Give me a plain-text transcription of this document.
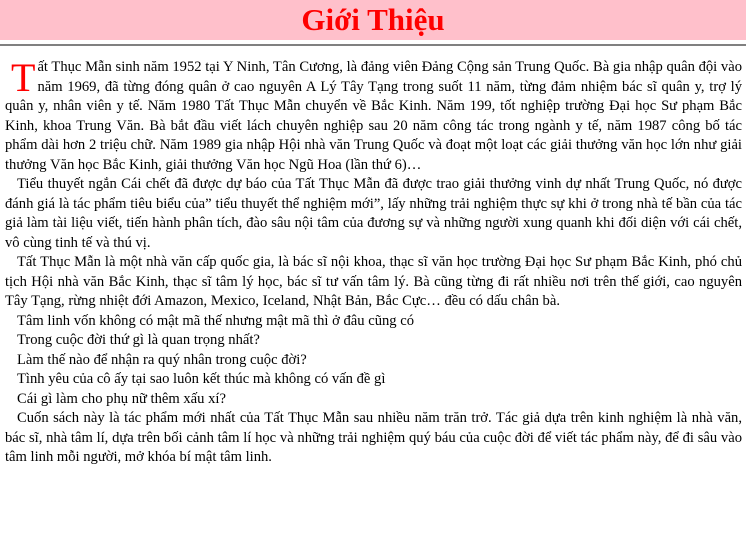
Giới Thiệu

Tất Thục Mẫn sinh năm 1952 tại Y Ninh, Tân Cương, là đảng viên Đảng Cộng sản Trung Quốc. Bà gia nhập quân đội vào năm 1969, đã từng đóng quân ở cao nguyên A Lý Tây Tạng trong suốt 11 năm, từng đảm nhiệm bác sĩ quân y, trợ lý quân y, nhân viên y tế. Năm 1980 Tất Thục Mẫn chuyển về Bắc Kinh. Năm 199, tốt nghiệp trường Đại học Sư phạm Bắc Kinh, khoa Trung Văn. Bà bắt đầu viết lách chuyên nghiệp sau 20 năm công tác trong ngành y tế, năm 1987 công bố tác phẩm dài hơn 2 triệu chữ. Năm 1989 gia nhập Hội nhà văn Trung Quốc và đoạt một loạt các giải thưởng văn học lớn như giải thưởng Văn học Bắc Kinh, giải thưởng Văn học Ngũ Hoa (lần thứ 6)…

Tiểu thuyết ngắn Cái chết đã được dự báo của Tất Thục Mẫn đã được trao giải thưởng vinh dự nhất Trung Quốc, nó được đánh giá là tác phẩm tiêu biểu của” tiểu thuyết thể nghiệm mới”, lấy những trải nghiệm thực sự khi ở trong nhà tế bần của tác giả làm tài liệu viết, tiến hành phân tích, đào sâu nội tâm của đương sự và những người xung quanh khi đối diện với cái chết, vô cùng tinh tế và thú vị.

Tất Thục Mẫn là một nhà văn cấp quốc gia, là bác sĩ nội khoa, thạc sĩ văn học trường Đại học Sư phạm Bắc Kinh, phó chủ tịch Hội nhà văn Bắc Kinh, thạc sĩ tâm lý học, bác sĩ tư vấn tâm lý. Bà cũng từng đi rất nhiều nơi trên thế giới, cao nguyên Tây Tạng, rừng nhiệt đới Amazon, Mexico, Iceland, Nhật Bản, Bắc Cực… đều có dấu chân bà.

Tâm linh vốn không có mật mã thế nhưng mật mã thì ở đâu cũng có

Trong cuộc đời thứ gì là quan trọng nhất?

Làm thế nào để nhận ra quý nhân trong cuộc đời?

Tình yêu của cô ấy tại sao luôn kết thúc mà không có vấn đề gì

Cái gì làm cho phụ nữ thêm xấu xí?

Cuốn sách này là tác phẩm mới nhất của Tất Thục Mẫn sau nhiều năm trăn trở. Tác giả dựa trên kinh nghiệm là nhà văn, bác sĩ, nhà tâm lí, dựa trên bối cảnh tâm lí học và những trải nghiệm quý báu của cuộc đời để viết tác phẩm này, để đi sâu vào tâm linh mỗi người, mở khóa bí mật tâm linh.
